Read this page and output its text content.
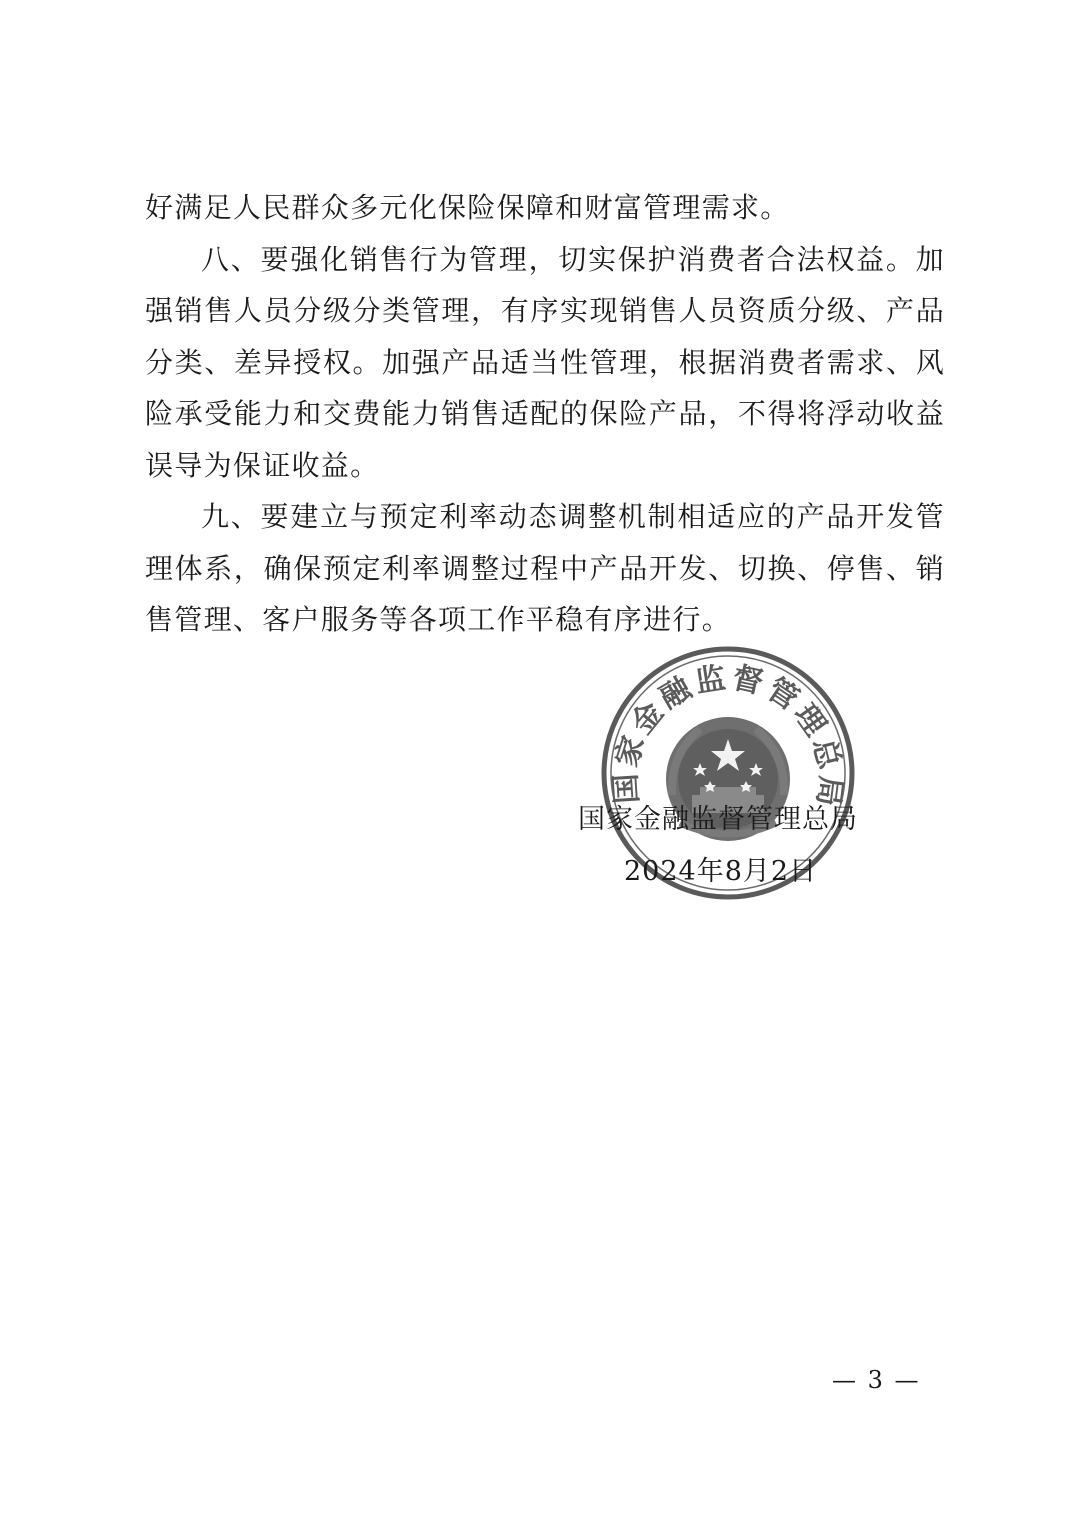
好满足人民群众多元化保险保障和财富管理需求。

八、要强化销售行为管理，切实保护消费者合法权益。加强销售人员分级分类管理，有序实现销售人员资质分级、产品分类、差异授权。加强产品适当性管理，根据消费者需求、风险承受能力和交费能力销售适配的保险产品，不得将浮动收益误导为保证收益。

九、要建立与预定利率动态调整机制相适应的产品开发管理体系，确保预定利率调整过程中产品开发、切换、停售、销售管理、客户服务等各项工作平稳有序进行。

国家金融监督管理总局
国家金融监督管理总局
2024年8月2日
— 3 —
